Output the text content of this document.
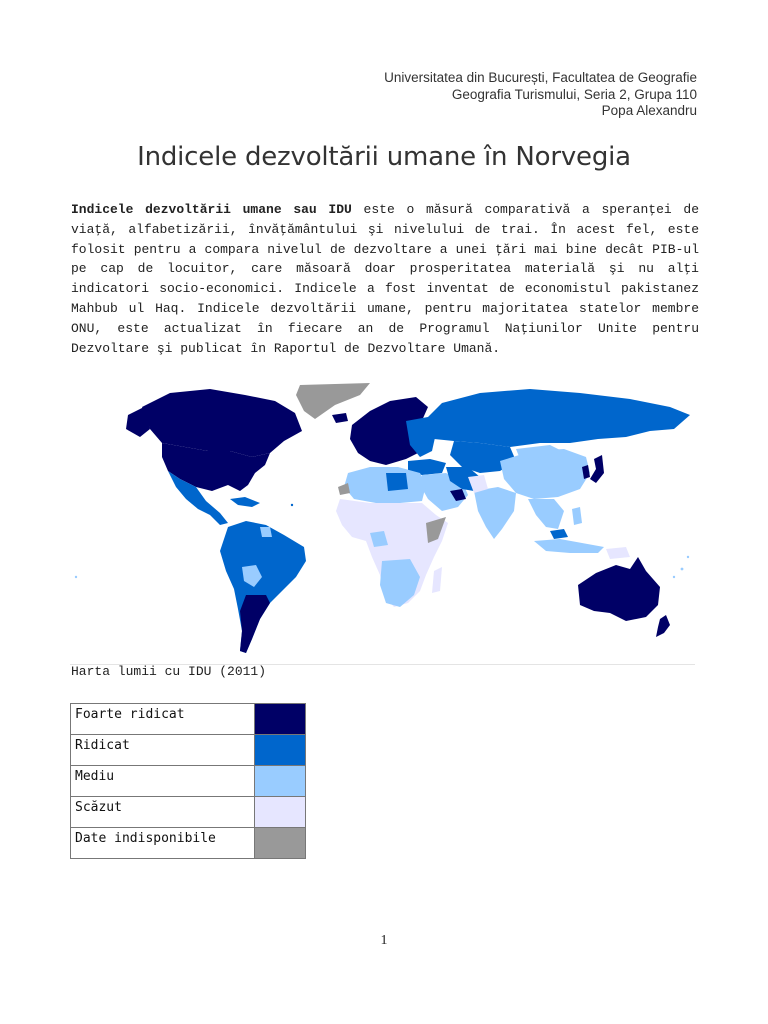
Universitatea din București, Facultatea de Geografie
Geografia Turismului, Seria 2, Grupa 110
Popa Alexandru
Indicele dezvoltării umane în Norvegia
Indicele dezvoltării umane sau IDU este o măsură comparativă a speranţei de viaţă, alfabetizării, învăţământului şi nivelului de trai. În acest fel, este folosit pentru a compara nivelul de dezvoltare a unei ţări mai bine decât PIB-ul pe cap de locuitor, care măsoară doar prosperitatea materială şi nu alţi indicatori socio-economici. Indicele a fost inventat de economistul pakistanez Mahbub ul Haq. Indicele dezvoltării umane, pentru majoritatea statelor membre ONU, este actualizat în fiecare an de Programul Naţiunilor Unite pentru Dezvoltare şi publicat în Raportul de Dezvoltare Umană.
Harta lumii cu IDU (2011)
Foarte ridicat	
Ridicat	
Mediu	
Scăzut	
Date indisponibile	
1
